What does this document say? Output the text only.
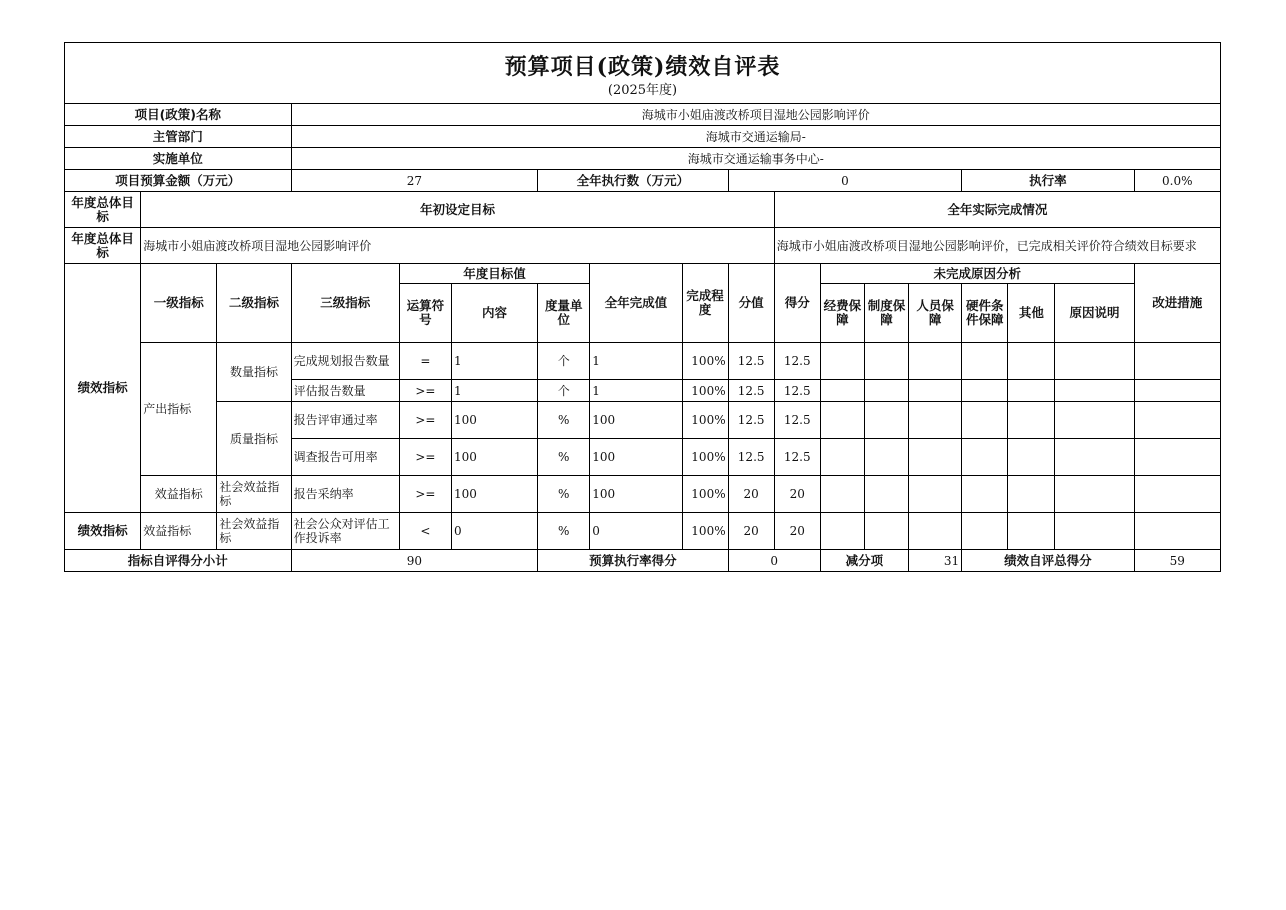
预算项目(政策)绩效自评表
(2025年度)																	

项目(政策)名称			海城市小姐庙渡改桥项目湿地公园影响评价														
主管部门			海城市交通运输局-														
实施单位			海城市交通运输事务中心-														
项目预算金额（万元）			27			全年执行数（万元）			0					执行率			0.0%
年度总体目标	年初设定目标									全年实际完成情况							
年度总体目标	海城市小姐庙渡改桥项目湿地公园影响评价									海城市小姐庙渡改桥项目湿地公园影响评价，已完成相关评价符合绩效目标要求							
绩效指标	一级指标	二级指标	三级指标	年度目标值			全年完成值	完成程度	分值	得分	未完成原因分析						改进措施
				运算符号	内容	度量单位					经费保障	制度保障	人员保障	硬件条件保障	其他	原因说明	
	产出指标	数量指标	完成规划报告数量	=	1	个	1	100%	12.5	12.5							
			评估报告数量	>=	1	个	1	100%	12.5	12.5							
		质量指标	报告评审通过率	>=	100	%	100	100%	12.5	12.5							
			调查报告可用率	>=	100	%	100	100%	12.5	12.5							
	效益指标	社会效益指标	报告采纳率	>=	100	%	100	100%	20	20							
绩效指标	效益指标	社会效益指标	社会公众对评估工作投诉率	<	0	%	0	100%	20	20							
指标自评得分小计			90			预算执行率得分			0		减分项		31	绩效自评总得分			59
